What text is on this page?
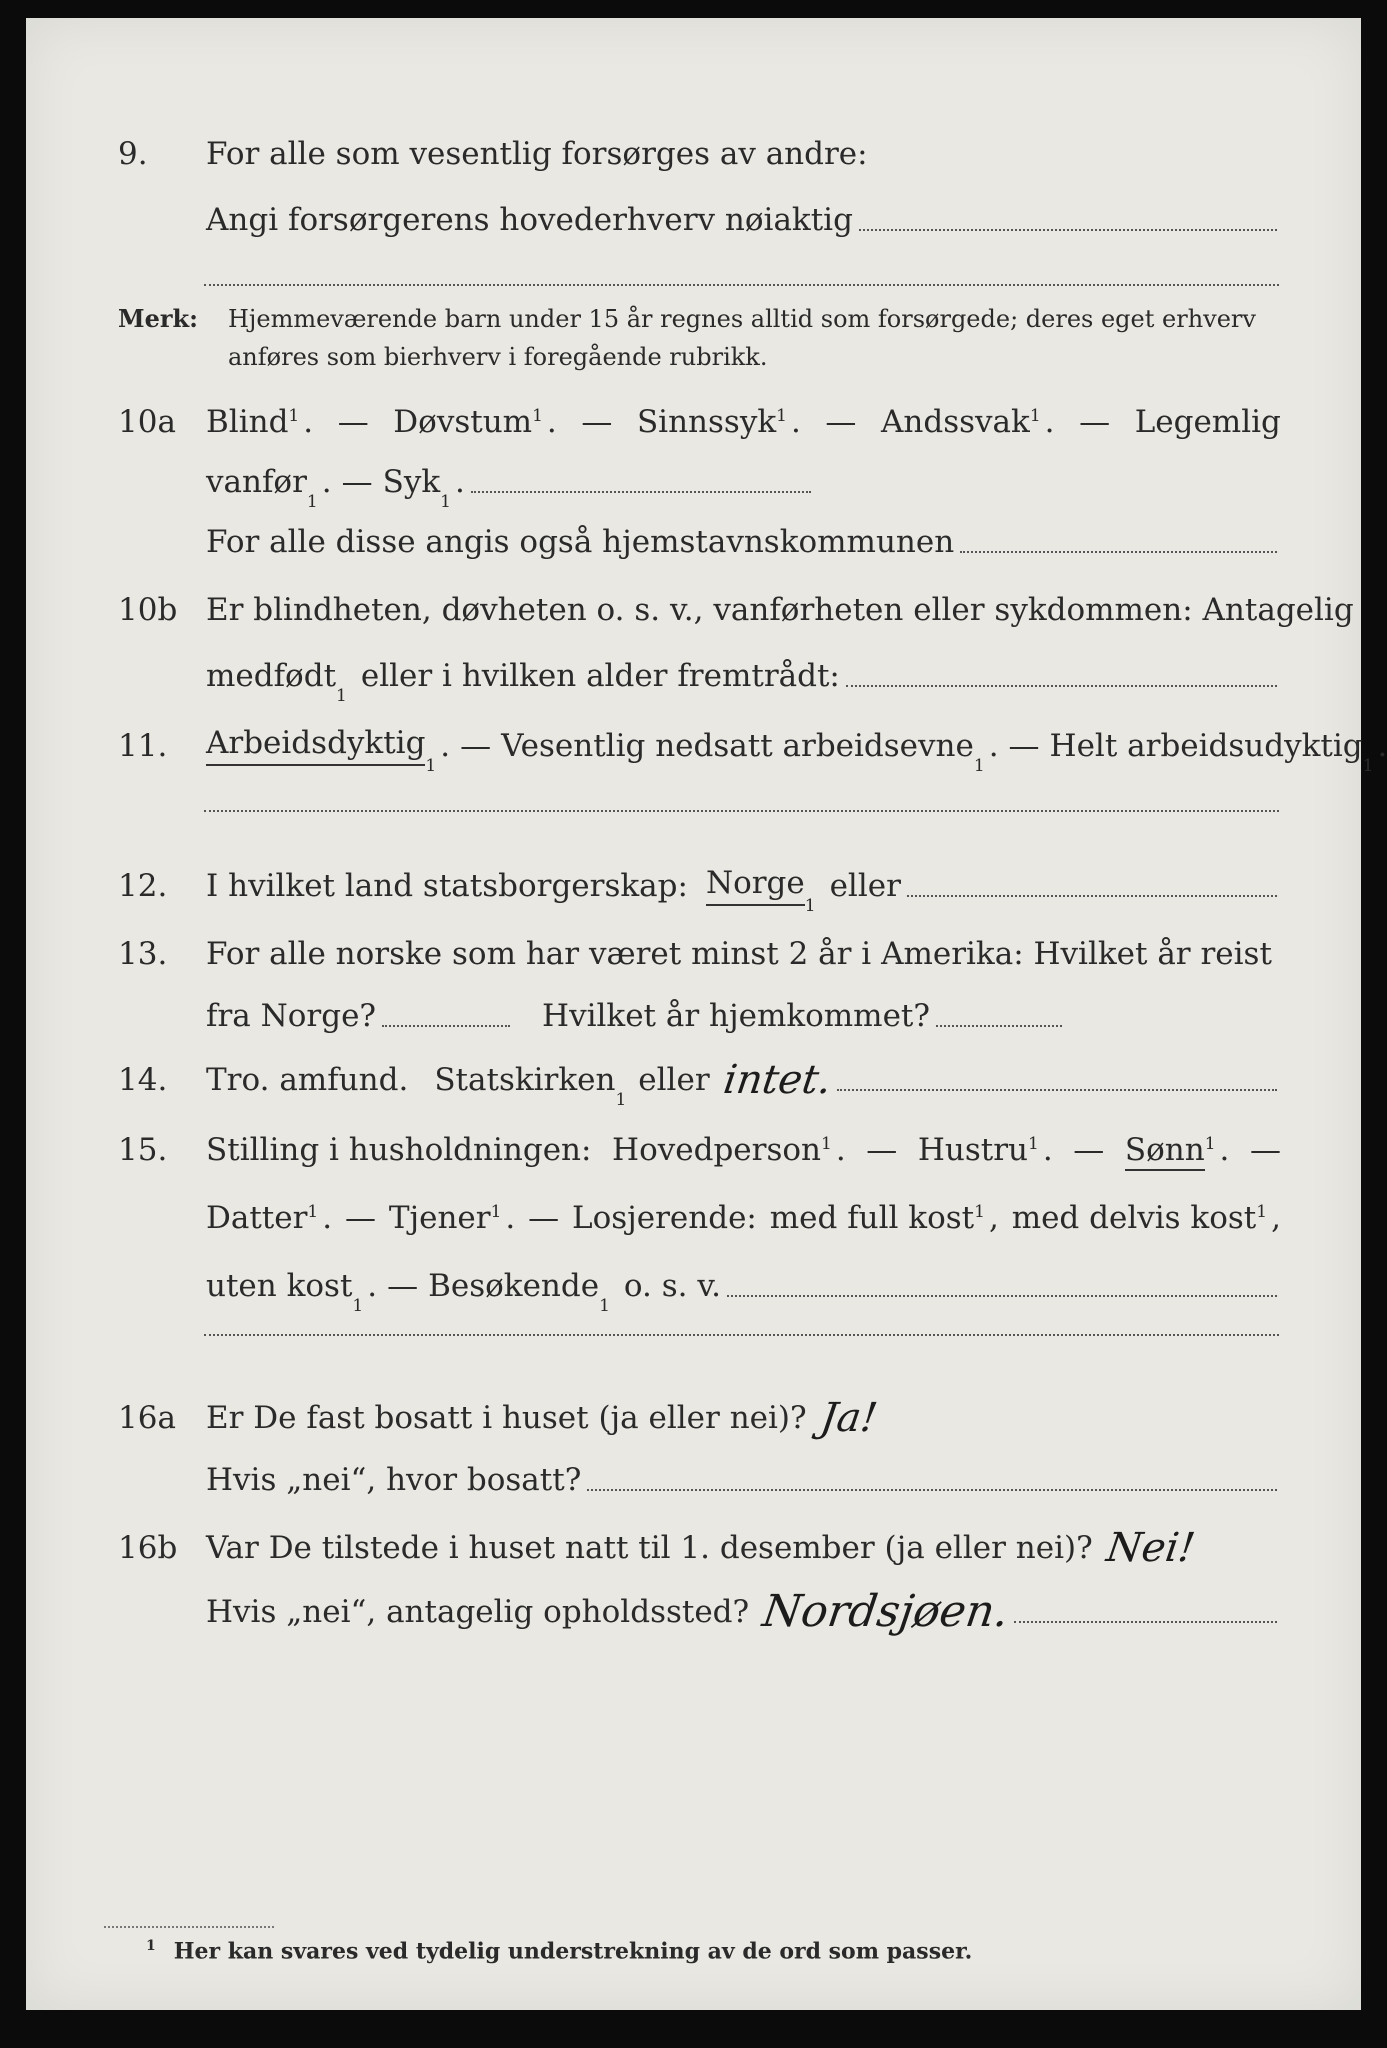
9. For alle som vesentlig forsørges av andre:
Angi forsørgerens hovederhverv nøiaktig
Merk: Hjemmeværende barn under 15 år regnes alltid som forsørgede; deres eget erhverv anføres som bierhverv i foregående rubrikk.
10a Blind$^1$ . — Døvstum$^1$ . — Sinnssyk$^1$ . — Andssvak$^1$ . — Legemlig
vanfør
1
. — Syk
1
.
For alle disse angis også hjemstavnskommunen
10b Er blindheten, døvheten o. s. v., vanførheten eller sykdommen: Antagelig
medfødt
1
eller i hvilken alder fremtrådt:
11. Arbeidsdyktig
1
. — Vesentlig nedsatt arbeidsevne
1
. — Helt arbeidsudyktig
1
.
12. I hvilket land statsborgerskap: Norge
1
eller
13. For alle norske som har været minst 2 år i Amerika: Hvilket år reist
fra Norge?	Hvilket år hjemkommet?
14. Tro. amfund. Statskirken
1
eller intet.
15. Stilling i husholdningen: Hovedperson$^1$ . — Hustru$^1$ . — Sønn$^1$ . —
Datter$^1$ . — Tjener$^1$ . — Losjerende: med full kost$^1$ , med delvis kost$^1$ ,
uten kost
1
. — Besøkende
1
o. s. v.
16a Er De fast bosatt i huset (ja eller nei)? Ja!
Hvis „nei“, hvor bosatt?
16b Var De tilstede i huset natt til 1. desember (ja eller nei)? Nei!
Hvis „nei“, antagelig opholdssted? Nordsjøen.
$^1$ Her kan svares ved tydelig understrekning av de ord som passer.
